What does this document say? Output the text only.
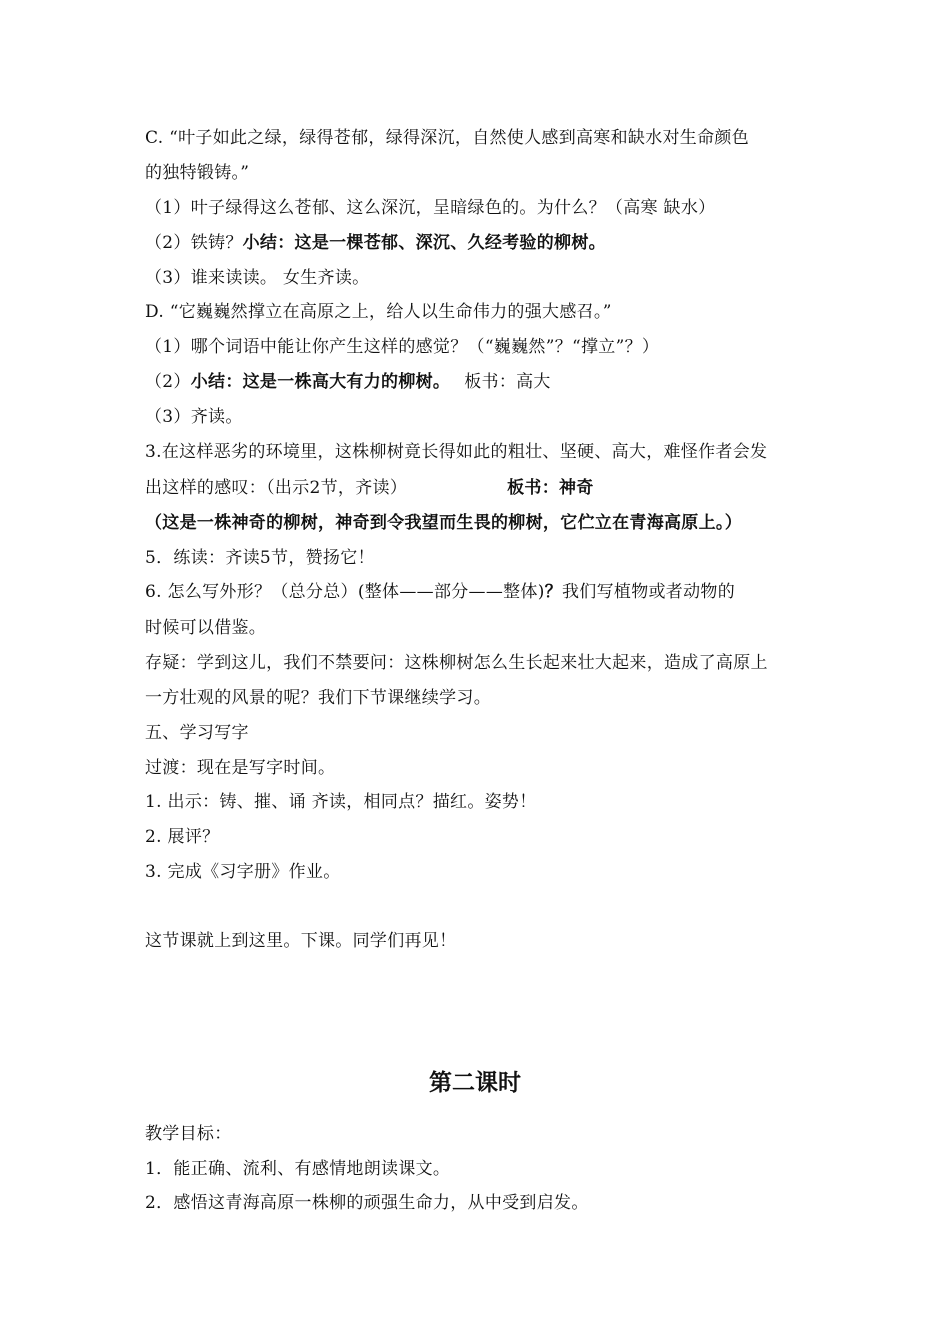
C. “叶子如此之绿，绿得苍郁，绿得深沉，自然使人感到高寒和缺水对生命颜色
的独特锻铸。”
（1）叶子绿得这么苍郁、这么深沉，呈暗绿色的。为什么？（高寒 缺水）
（2）铁铸？小结：这是一棵苍郁、深沉、久经考验的柳树。
（3）谁来读读。 女生齐读。
D. “它巍巍然撑立在高原之上，给人以生命伟力的强大感召。”
（1）哪个词语中能让你产生这样的感觉？（“巍巍然”？“撑立”？）
（2）小结：这是一株高大有力的柳树。 板书：高大
（3）齐读。
3.在这样恶劣的环境里，这株柳树竟长得如此的粗壮、坚硬、高大，难怪作者会发
出这样的感叹：（出示2节，齐读）	板书：神奇
（这是一株神奇的柳树，神奇到令我望而生畏的柳树，它伫立在青海高原上。）
5．练读：齐读5节，赞扬它！
6. 怎么写外形？（总分总）(整体——部分——整体)？我们写植物或者动物的
时候可以借鉴。
存疑：学到这儿，我们不禁要问：这株柳树怎么生长起来壮大起来，造成了高原上
一方壮观的风景的呢？我们下节课继续学习。
五、学习写字
过渡：现在是写字时间。
1. 出示：铸、摧、诵 齐读，相同点？描红。姿势！
2. 展评？
3. 完成《习字册》作业。
这节课就上到这里。下课。同学们再见！
第二课时
教学目标：
1．能正确、流利、有感情地朗读课文。
2．感悟这青海高原一株柳的顽强生命力，从中受到启发。
